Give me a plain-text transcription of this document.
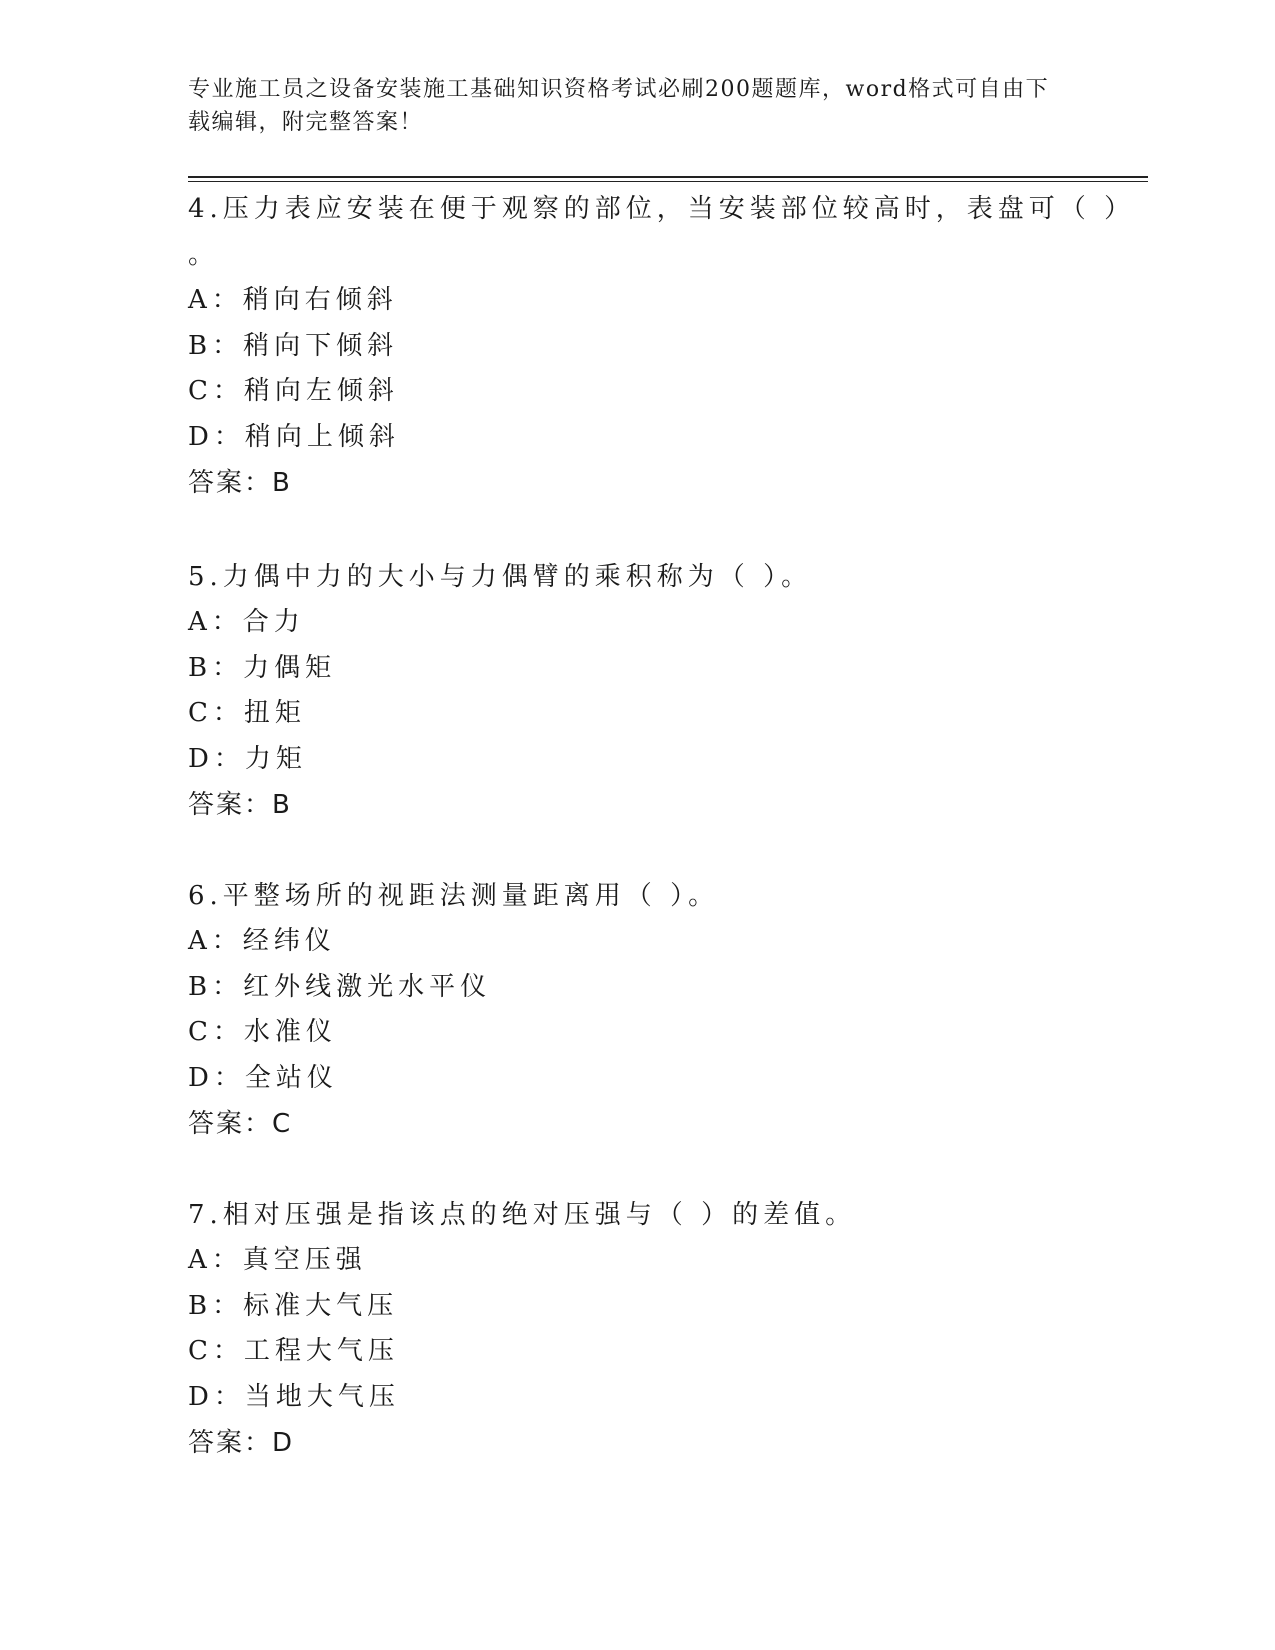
专业施工员之设备安装施工基础知识资格考试必刷200题题库，word格式可自由下载编辑，附完整答案！

4.压力表应安装在便于观察的部位，当安装部位较高时，表盘可（ ）

。

A：稍向右倾斜

B：稍向下倾斜

C：稍向左倾斜

D：稍向上倾斜

答案：B

5.力偶中力的大小与力偶臂的乘积称为（ ）。

A：合力

B：力偶矩

C：扭矩

D：力矩

答案：B

6.平整场所的视距法测量距离用（ ）。

A：经纬仪

B：红外线激光水平仪

C：水准仪

D：全站仪

答案：C

7.相对压强是指该点的绝对压强与（ ）的差值。

A：真空压强

B：标准大气压

C：工程大气压

D：当地大气压

答案：D
